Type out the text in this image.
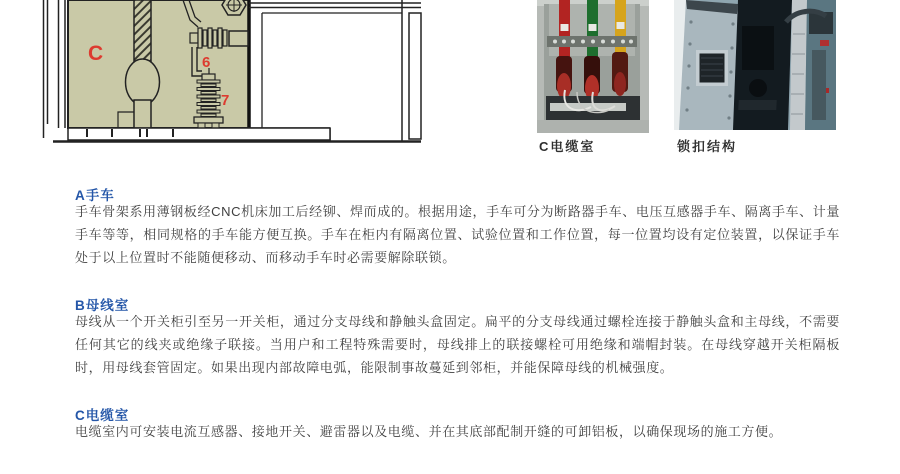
C	6
7
C电缆室	锁扣结构
A手车
手车骨架系用薄钢板经CNC机床加工后经铆、焊而成的。根据用途，手车可分为断路器手车、电压互感器手车、隔离手车、计量手车等等，相同规格的手车能方便互换。手车在柜内有隔离位置、试验位置和工作位置，每一位置均设有定位装置，以保证手车处于以上位置时不能随便移动、而移动手车时必需要解除联锁。
B母线室
母线从一个开关柜引至另一开关柜，通过分支母线和静触头盒固定。扁平的分支母线通过螺栓连接于静触头盒和主母线，不需要任何其它的线夹或绝缘子联接。当用户和工程特殊需要时，母线排上的联接螺栓可用绝缘和端帽封装。在母线穿越开关柜隔板时，用母线套管固定。如果出现内部故障电弧，能限制事故蔓延到邻柜，并能保障母线的机械强度。
C电缆室
电缆室内可安装电流互感器、接地开关、避雷器以及电缆、并在其底部配制开缝的可卸铝板，以确保现场的施工方便。
